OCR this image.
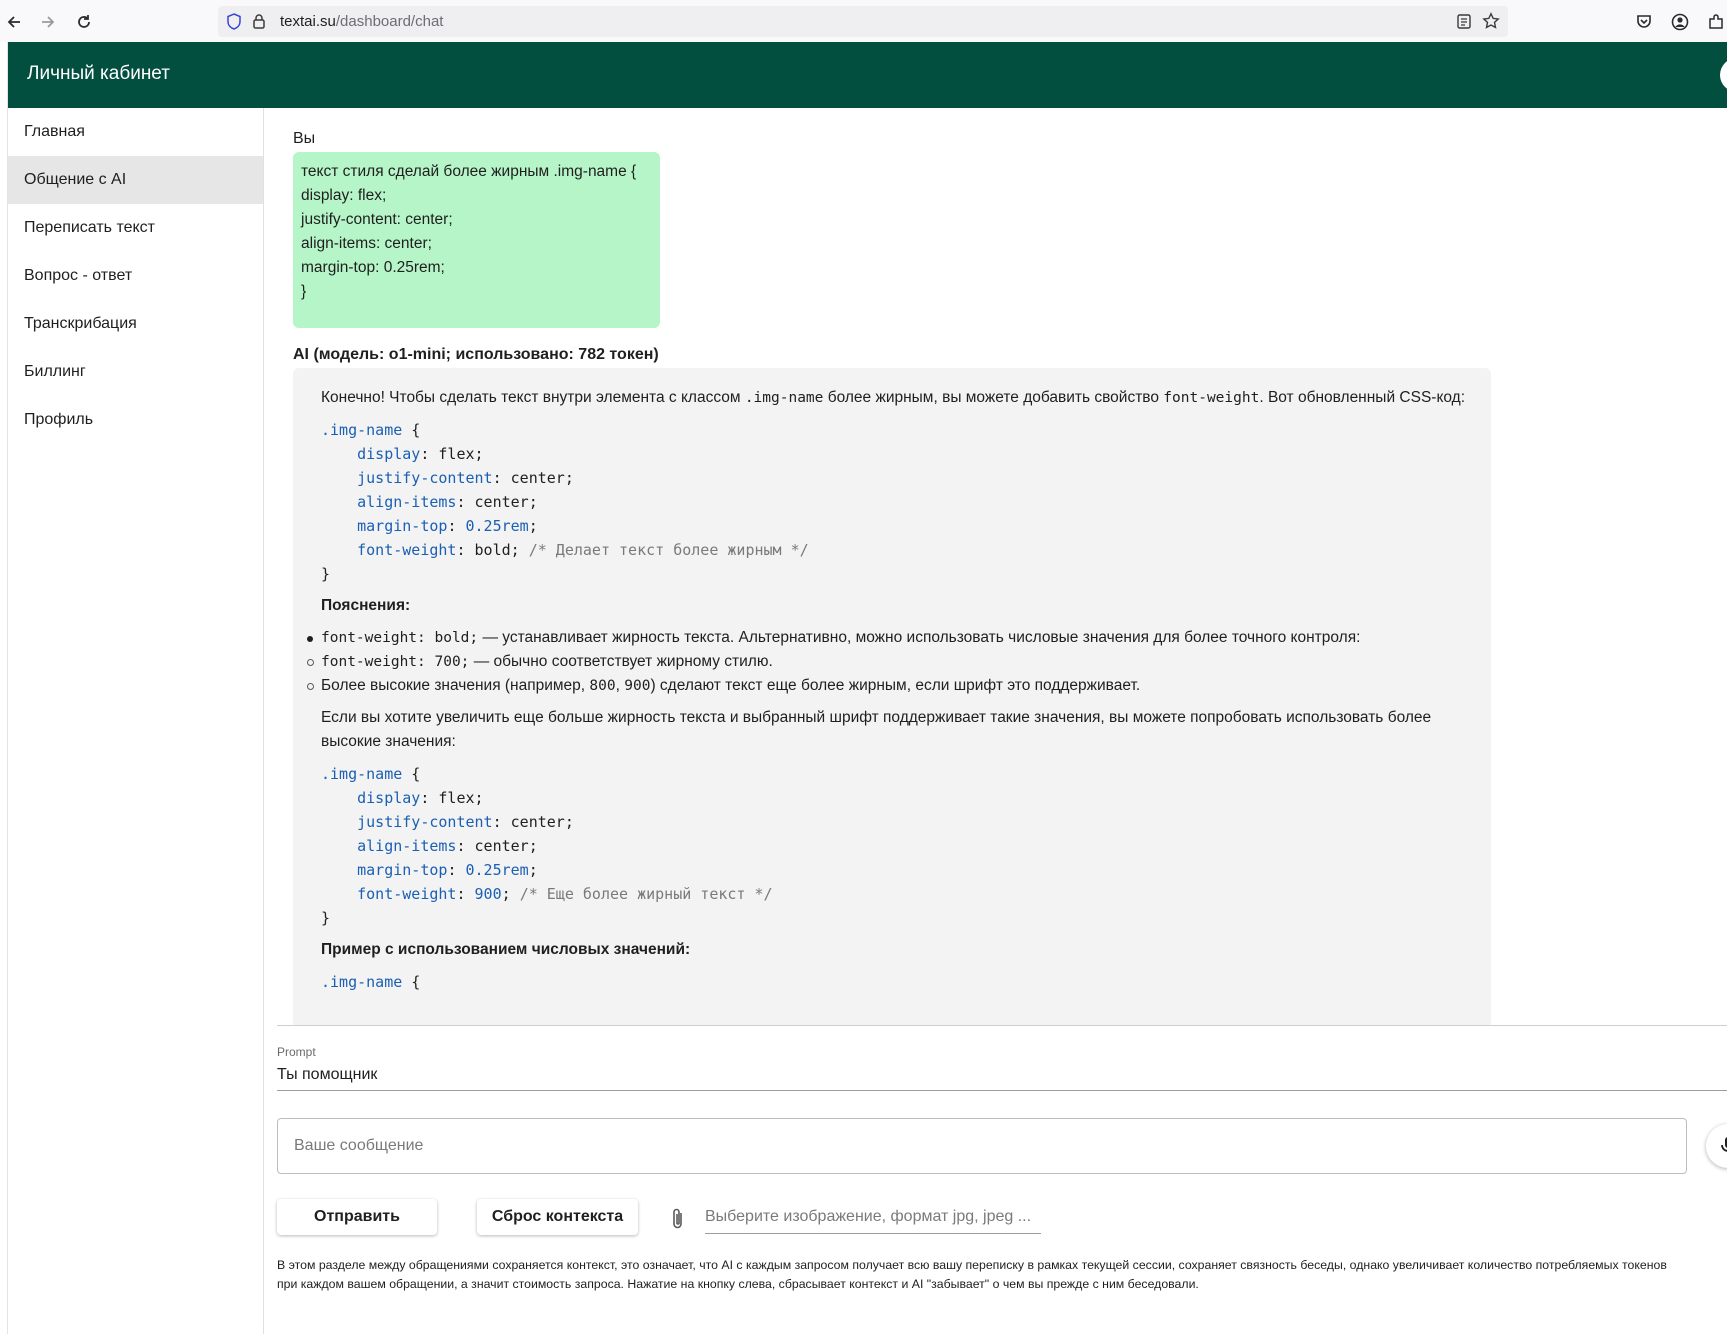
textai.su/dashboard/chat
Личный кабинет
Главная
Общение с AI
Переписать текст
Вопрос - ответ
Транскрибация
Биллинг
Профиль
Вы
текст стиля сделай более жирным .img-name {
display: flex;
justify-content: center;
align-items: center;
margin-top: 0.25rem;
}
AI (модель: o1-mini; использовано: 782 токен)

Конечно! Чтобы сделать текст внутри элемента с классом .img-name более жирным, вы можете добавить свойство font-weight. Вот обновленный CSS-код:

.img-name {
display: flex;
justify-content: center;
align-items: center;
margin-top: 0.25rem;
font-weight: bold; /* Делает текст более жирным */
}
Пояснения:
font-weight: bold; — устанавливает жирность текста. Альтернативно, можно использовать числовые значения для более точного контроля:
font-weight: 700; — обычно соответствует жирному стилю.
Более высокие значения (например, 800, 900) сделают текст еще более жирным, если шрифт это поддерживает.

Если вы хотите увеличить еще больше жирность текста и выбранный шрифт поддерживает такие значения, вы можете попробовать использовать более высокие значения:

.img-name {
display: flex;
justify-content: center;
align-items: center;
margin-top: 0.25rem;
font-weight: 900; /* Еще более жирный текст */
}
Пример с использованием числовых значений:
.img-name {
Prompt
Ты помощник
Ваше сообщение
Отправить	Сброс контекста	Выберите изображение, формат jpg, jpeg ...
В этом разделе между обращениями сохраняется контекст, это означает, что AI с каждым запросом получает всю вашу переписку в рамках текущей сессии, сохраняет связность беседы, однако увеличивает количество потребляемых токенов
при каждом вашем обращении, а значит стоимость запроса. Нажатие на кнопку слева, сбрасывает контекст и AI "забывает" о чем вы прежде с ним беседовали.
